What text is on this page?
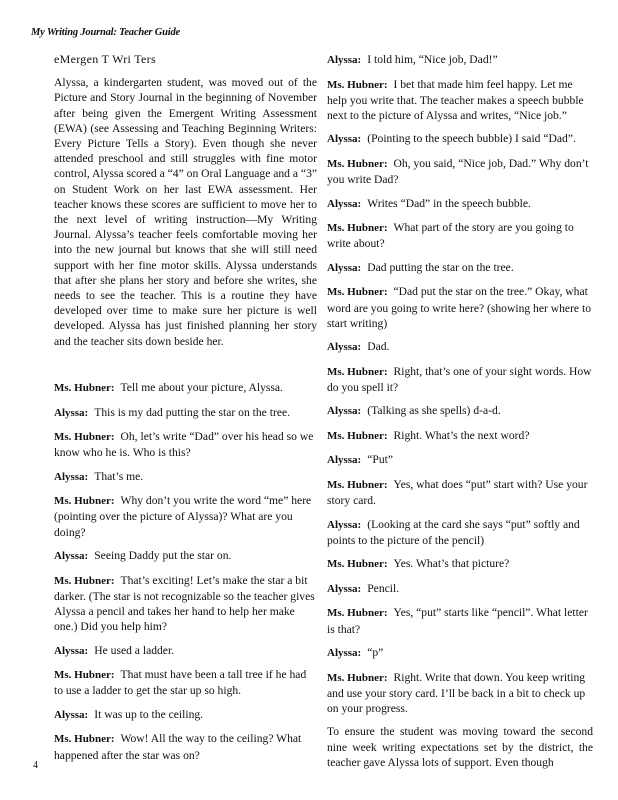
My Writing Journal: Teacher Guide
eMergen T Wri Ters

Alyssa, a kindergarten student, was moved out of the Picture and Story Journal in the beginning of November after being given the Emergent Writing Assessment (EWA) (see Assessing and Teaching Beginning Writers: Every Picture Tells a Story). Even though she never attended preschool and still struggles with fine motor control, Alyssa scored a “4” on Oral Language and a “3” on Student Work on her last EWA assessment. Her teacher knows these scores are sufficient to move her to the next level of writing instruction—My Writing Journal. Alyssa’s teacher feels comfortable moving her into the new journal but knows that she will still need support with her fine motor skills. Alyssa understands that after she plans her story and before she writes, she needs to see the teacher. This is a routine they have developed over time to make sure her picture is well developed. Alyssa has just finished planning her story and the teacher sits down beside her.

Ms. Hubner: Tell me about your picture, Alyssa.
Alyssa: This is my dad putting the star on the tree.
Ms. Hubner: Oh, let’s write “Dad” over his head so we know who he is. Who is this?
Alyssa: That’s me.
Ms. Hubner: Why don’t you write the word “me” here (pointing over the picture of Alyssa)? What are you doing?
Alyssa: Seeing Daddy put the star on.
Ms. Hubner: That’s exciting! Let’s make the star a bit darker. (The star is not recognizable so the teacher gives Alyssa a pencil and takes her hand to help her make one.) Did you help him?
Alyssa: He used a ladder.
Ms. Hubner: That must have been a tall tree if he had to use a ladder to get the star up so high.
Alyssa: It was up to the ceiling.
Ms. Hubner: Wow! All the way to the ceiling? What happened after the star was on?
Alyssa: I told him, “Nice job, Dad!”
Ms. Hubner: I bet that made him feel happy. Let me help you write that. The teacher makes a speech bubble next to the picture of Alyssa and writes, “Nice job.”
Alyssa: (Pointing to the speech bubble) I said “Dad”.
Ms. Hubner: Oh, you said, “Nice job, Dad.” Why don’t you write Dad?
Alyssa: Writes “Dad” in the speech bubble.
Ms. Hubner: What part of the story are you going to write about?
Alyssa: Dad putting the star on the tree.
Ms. Hubner: “Dad put the star on the tree.” Okay, what word are you going to write here? (showing her where to start writing)
Alyssa: Dad.
Ms. Hubner: Right, that’s one of your sight words. How do you spell it?
Alyssa: (Talking as she spells) d-a-d.
Ms. Hubner: Right. What’s the next word?
Alyssa: “Put”
Ms. Hubner: Yes, what does “put” start with? Use your story card.
Alyssa: (Looking at the card she says “put” softly and points to the picture of the pencil)
Ms. Hubner: Yes. What’s that picture?
Alyssa: Pencil.
Ms. Hubner: Yes, “put” starts like “pencil”. What letter is that?
Alyssa: “p”
Ms. Hubner: Right. Write that down. You keep writing and use your story card. I’ll be back in a bit to check up on your progress.

To ensure the student was moving toward the second nine week writing expectations set by the district, the teacher gave Alyssa lots of support. Even though

4
